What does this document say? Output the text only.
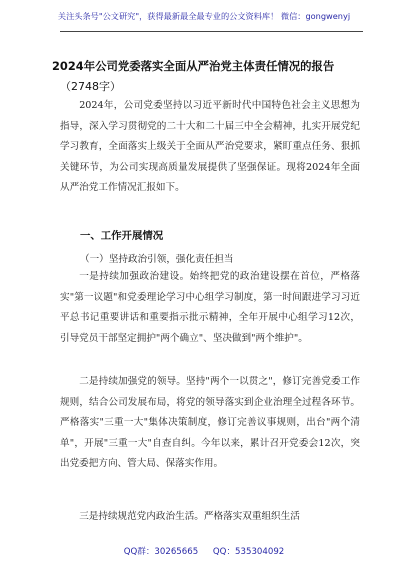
关注头条号"公文研究"，获得最新最全最专业的公文资料库！ 微信：gongwenyj
2024年公司党委落实全面从严治党主体责任情况的报告
（2748字）

2024年，公司党委坚持以习近平新时代中国特色社会主义思想为指导，深入学习贯彻党的二十大和二十届三中全会精神，扎实开展党纪学习教育，全面落实上级关于全面从严治党要求，紧盯重点任务、狠抓关键环节，为公司实现高质量发展提供了坚强保证。现将2024年全面从严治党工作情况汇报如下。

一、工作开展情况
（一）坚持政治引领，强化责任担当

一是持续加强政治建设。始终把党的政治建设摆在首位，严格落实"第一议题"和党委理论学习中心组学习制度，第一时间跟进学习习近平总书记重要讲话和重要指示批示精神，全年开展中心组学习12次，引导党员干部坚定拥护"两个确立"、坚决做到"两个维护"。

二是持续加强党的领导。坚持"两个一以贯之"，修订完善党委工作规则，结合公司发展布局，将党的领导落实到企业治理全过程各环节。严格落实"三重一大"集体决策制度，修订完善议事规则，出台"两个清单"，开展"三重一大"自查自纠。今年以来，累计召开党委会12次，突出党委把方向、管大局、保落实作用。

三是持续规范党内政治生活。严格落实双重组织生活

QQ群：30265665 QQ：535304092
